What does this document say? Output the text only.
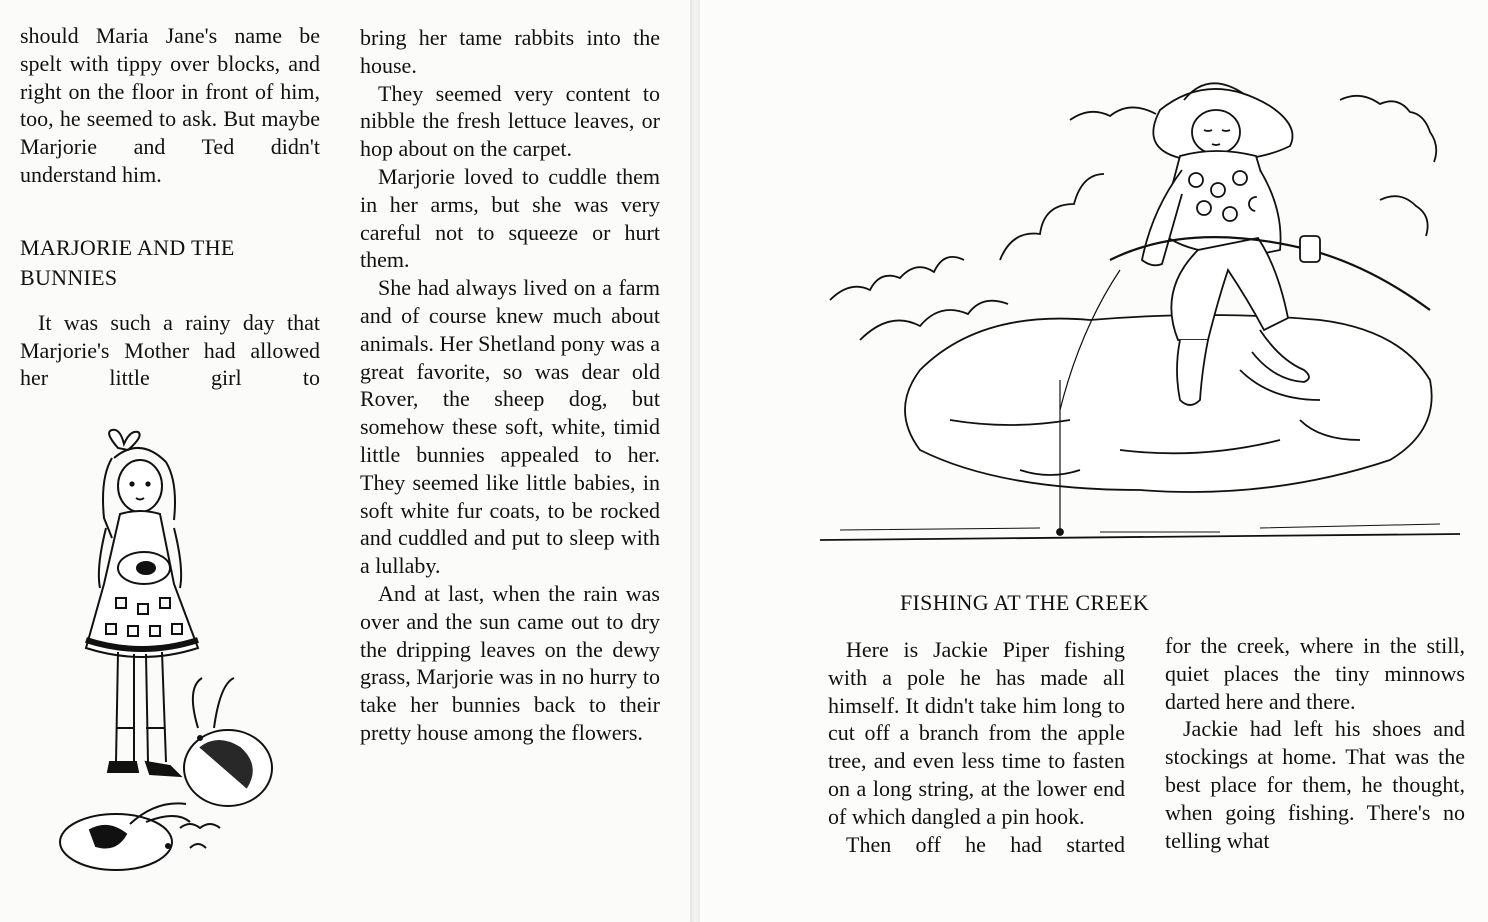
should Maria Jane's name be spelt with tippy over blocks, and right on the floor in front of him, too, he seemed to ask. But maybe Marjorie and Ted didn't understand him.

MARJORIE AND THE

BUNNIES

It was such a rainy day that Marjorie's Mother had allowed her little girl to

bring her tame rabbits into the house.

They seemed very content to nibble the fresh lettuce leaves, or hop about on the carpet.

Marjorie loved to cuddle them in her arms, but she was very careful not to squeeze or hurt them.

She had always lived on a farm and of course knew much about animals. Her Shetland pony was a great favorite, so was dear old Rover, the sheep dog, but somehow these soft, white, timid little bunnies appealed to her. They seemed like little babies, in soft white fur coats, to be rocked and cuddled and put to sleep with a lullaby.

And at last, when the rain was over and the sun came out to dry the dripping leaves on the dewy grass, Marjorie was in no hurry to take her bunnies back to their pretty house among the flowers.

FISHING AT THE CREEK

Here is Jackie Piper fishing with a pole he has made all himself. It didn't take him long to cut off a branch from the apple tree, and even less time to fasten on a long string, at the lower end of which dangled a pin hook.

Then off he had started

for the creek, where in the still, quiet places the tiny minnows darted here and there.

Jackie had left his shoes and stockings at home. That was the best place for them, he thought, when going fishing. There's no telling what
